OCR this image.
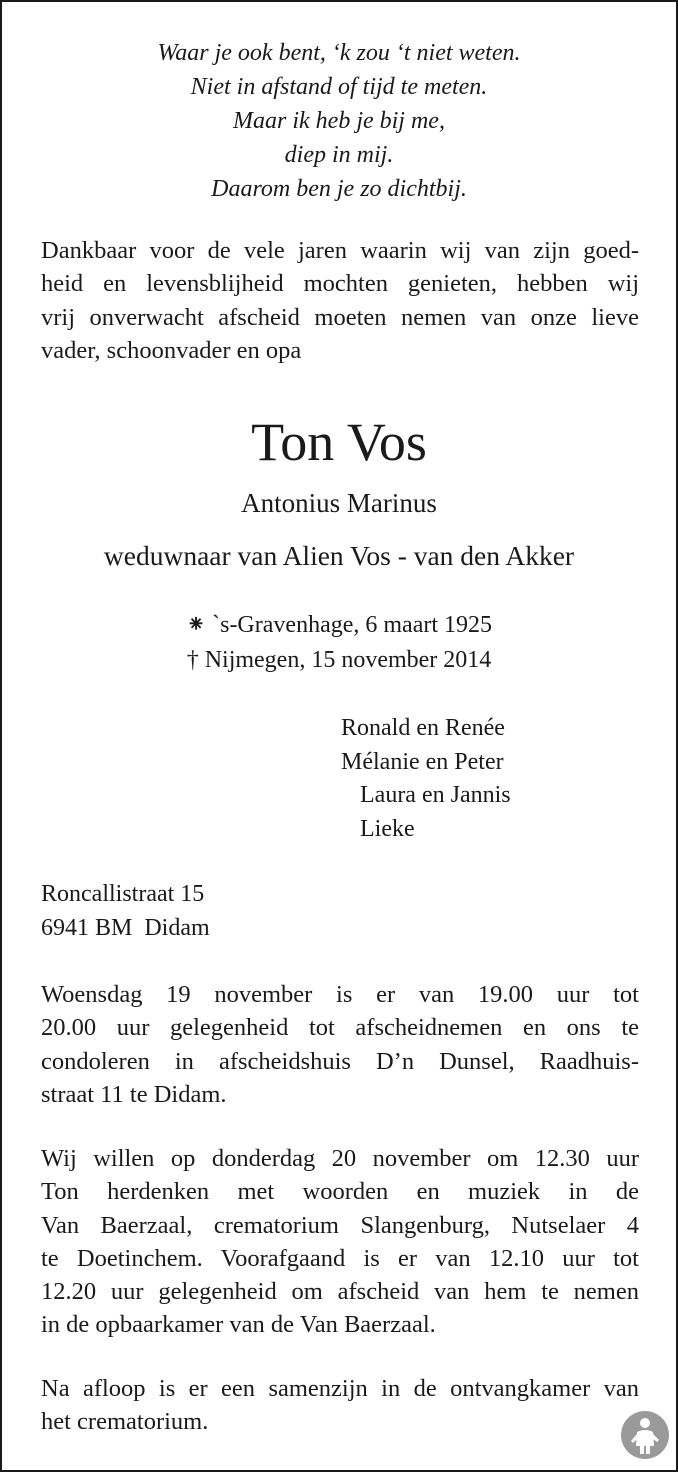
Waar je ook bent, ‘k zou ‘t niet weten.
Niet in afstand of tijd te meten.
Maar ik heb je bij me,
diep in mij.
Daarom ben je zo dichtbij.
Dankbaar voor de vele jaren waarin wij van zijn goed-
heid en levensblijheid mochten genieten, hebben wij
vrij onverwacht afscheid moeten nemen van onze lieve
vader, schoonvader en opa
Ton Vos
Antonius Marinus
weduwnaar van Alien Vos - van den Akker
⁕ `s-Gravenhage, 6 maart 1925
† Nijmegen, 15 november 2014
Ronald en Renée
Mélanie en Peter
Laura en Jannis
Lieke
Roncallistraat 15
6941 BM  Didam
Woensdag 19 november is er van 19.00 uur tot
20.00 uur gelegenheid tot afscheidnemen en ons te
condoleren in afscheidshuis D’n Dunsel, Raadhuis-
straat 11 te Didam.
Wij willen op donderdag 20 november om 12.30 uur
Ton herdenken met woorden en muziek in de
Van Baerzaal, crematorium Slangenburg, Nutselaer 4
te Doetinchem. Voorafgaand is er van 12.10 uur tot
12.20 uur gelegenheid om afscheid van hem te nemen
in de opbaarkamer van de Van Baerzaal.
Na afloop is er een samenzijn in de ontvangkamer van
het crematorium.
